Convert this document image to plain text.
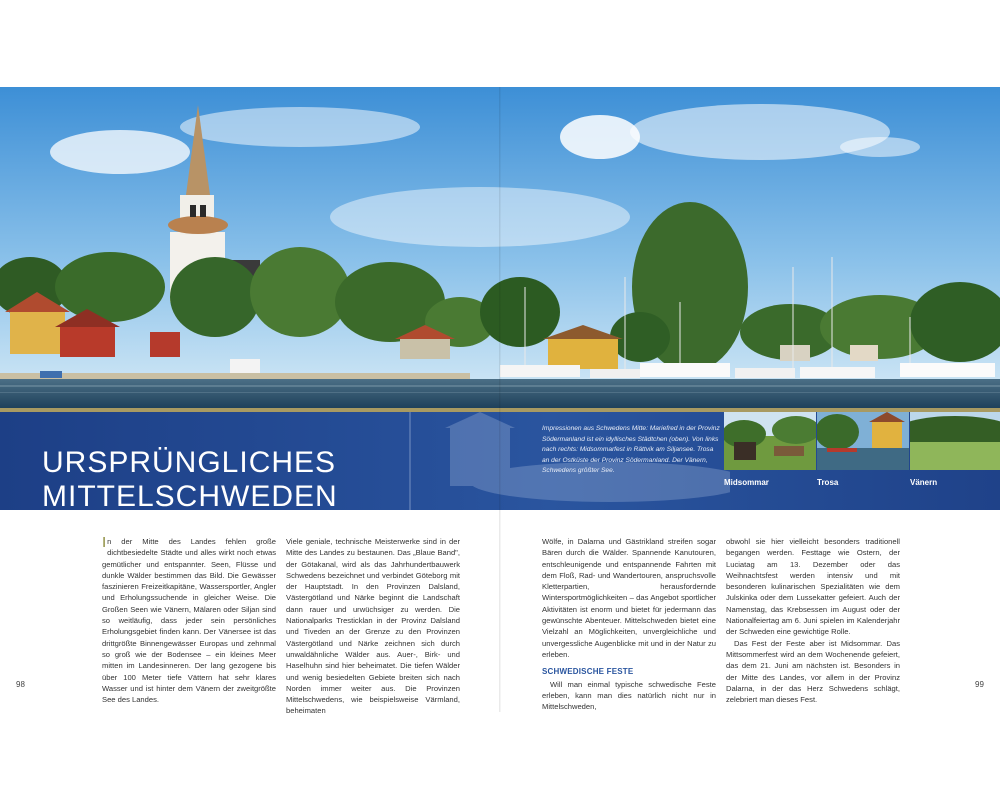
URSPRÜNGLICHES
MITTELSCHWEDEN
Impressionen aus Schwedens Mitte: Mariefred in der Provinz Södermanland ist ein idyllisches Städtchen (oben). Von links nach rechts: Midsommarfest in Rättvik am Siljansee. Trosa an der Ostküste der Provinz Södermanland. Der Vänern, Schwedens größter See.
Midsommar	Trosa	Vänern

In der Mitte des Landes fehlen große dichtbesiedelte Städte und alles wirkt noch etwas gemütlicher und entspannter. Seen, Flüsse und dunkle Wälder bestimmen das Bild. Die Gewässer faszinieren Freizeitkapitäne, Wassersportler, Angler und Erholungssuchende in gleicher Weise. Die Großen Seen wie Vänern, Mälaren oder Siljan sind so weitläufig, dass jeder sein persönliches Erholungsgebiet finden kann. Der Vänersee ist das drittgrößte Binnengewässer Europas und zehnmal so groß wie der Bodensee – ein kleines Meer mitten im Landesinneren. Der lang gezogene bis über 100 Meter tiefe Vättern hat sehr klares Wasser und ist hinter dem Vänern der zweitgrößte See des Landes.

Viele geniale, technische Meisterwerke sind in der Mitte des Landes zu bestaunen. Das „Blaue Band", der Götakanal, wird als das Jahrhundertbauwerk Schwedens bezeichnet und verbindet Göteborg mit der Hauptstadt. In den Provinzen Dalsland, Västergötland und Närke beginnt die Landschaft dann rauer und urwüchsiger zu werden. Die Nationalparks Tresticklan in der Provinz Dalsland und Tiveden an der Grenze zu den Provinzen Västergötland und Närke zeichnen sich durch unwaldähnliche Wälder aus. Auer-, Birk- und Haselhuhn sind hier beheimatet. Die tiefen Wälder und wenig besiedelten Gebiete breiten sich nach Norden immer weiter aus. Die Provinzen Mittelschwedens, wie beispielsweise Värmland, beheimaten

Wölfe, in Dalarna und Gästrikland streifen sogar Bären durch die Wälder. Spannende Kanutouren, entschleunigende und entspannende Fahrten mit dem Floß, Rad- und Wandertouren, anspruchsvolle Kletterpartien, herausfordernde Wintersportmöglichkeiten – das Angebot sportlicher Aktivitäten ist enorm und bietet für jedermann das gewünschte Abenteuer. Mittelschweden bietet eine Vielzahl an Möglichkeiten, unvergleichliche und unvergessliche Augenblicke mit und in der Natur zu erleben.

SCHWEDISCHE FESTE

Will man einmal typische schwedische Feste erleben, kann man dies natürlich nicht nur in Mittelschweden,

obwohl sie hier vielleicht besonders traditionell begangen werden. Festtage wie Ostern, der Luciatag am 13. Dezember oder das Weihnachtsfest werden intensiv und mit besonderen kulinarischen Spezialitäten wie dem Julskinka oder dem Lussekatter gefeiert. Auch der Namenstag, das Krebsessen im August oder der Nationalfeiertag am 6. Juni spielen im Kalenderjahr der Schweden eine gewichtige Rolle.

Das Fest der Feste aber ist Midsommar. Das Mittsommerfest wird an dem Wochenende gefeiert, das dem 21. Juni am nächsten ist. Besonders in der Mitte des Landes, vor allem in der Provinz Dalarna, in der das Herz Schwedens schlägt, zelebriert man dieses Fest.

98	99
